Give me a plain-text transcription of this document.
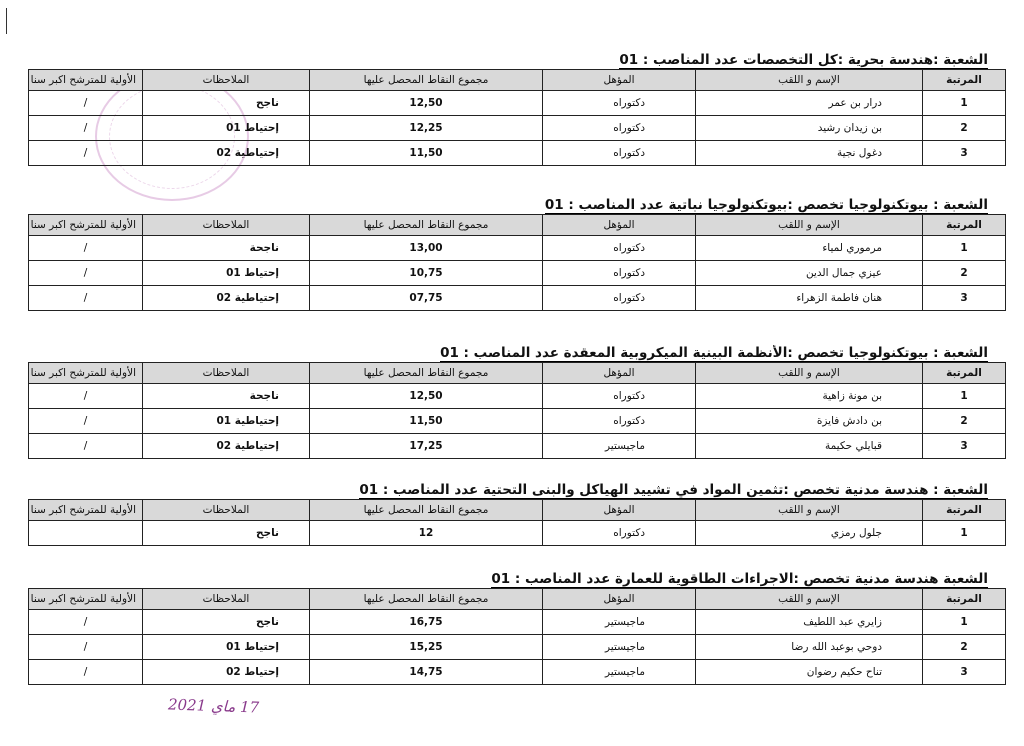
الشعبة :هندسة بحرية :كل التخصصات عدد المناصب : 01
المرتبة	الإسم و اللقب	المؤهل	مجموع النقاط المحصل عليها	الملاحظات	الأولية للمترشح اكبر سنا
1	درار بن عمر	دكتوراه	12,50	ناجح	/
2	بن زيدان رشيد	دكتوراه	12,25	إحتياط 01	/
3	دغول نجية	دكتوراه	11,50	إحتياطية 02	/
الشعبة : بيوتكنولوجيا تخصص :بيوتكنولوجيا نباتية عدد المناصب : 01
المرتبة	الإسم و اللقب	المؤهل	مجموع النقاط المحصل عليها	الملاحظات	الأولية للمترشح اكبر سنا
1	مرموري لمياء	دكتوراه	13,00	ناجحة	/
2	عيزي جمال الدين	دكتوراه	10,75	إحتياط 01	/
3	هنان فاطمة الزهراء	دكتوراه	07,75	إحتياطية 02	/
الشعبة : بيوتكنولوجيا تخصص :الأنظمة البينية الميكروبية المعقدة عدد المناصب : 01
المرتبة	الإسم و اللقب	المؤهل	مجموع النقاط المحصل عليها	الملاحظات	الأولية للمترشح اكبر سنا
1	بن مونة زاهية	دكتوراه	12,50	ناجحة	/
2	بن دادش فايزة	دكتوراه	11,50	إحتياطية 01	/
3	قبايلي حكيمة	ماجيستير	17,25	إحتياطية 02	/
الشعبة : هندسة مدنية تخصص :تثمين المواد في تشييد الهياكل والبنى التحتية عدد المناصب : 01
المرتبة	الإسم و اللقب	المؤهل	مجموع النقاط المحصل عليها	الملاحظات	الأولية للمترشح اكبر سنا
1	جلول رمزي	دكتوراه	12	ناجح	
الشعبة هندسة مدنية تخصص :الاجراءات الطاقوية للعمارة عدد المناصب : 01
المرتبة	الإسم و اللقب	المؤهل	مجموع النقاط المحصل عليها	الملاحظات	الأولية للمترشح اكبر سنا
1	زايري عبد اللطيف	ماجيستير	16,75	ناجح	/
2	دوحي بوعبد الله رضا	ماجيستير	15,25	إحتياط 01	/
3	تناح حكيم رضوان	ماجيستير	14,75	إحتياط 02	/
17 ماي 2021
